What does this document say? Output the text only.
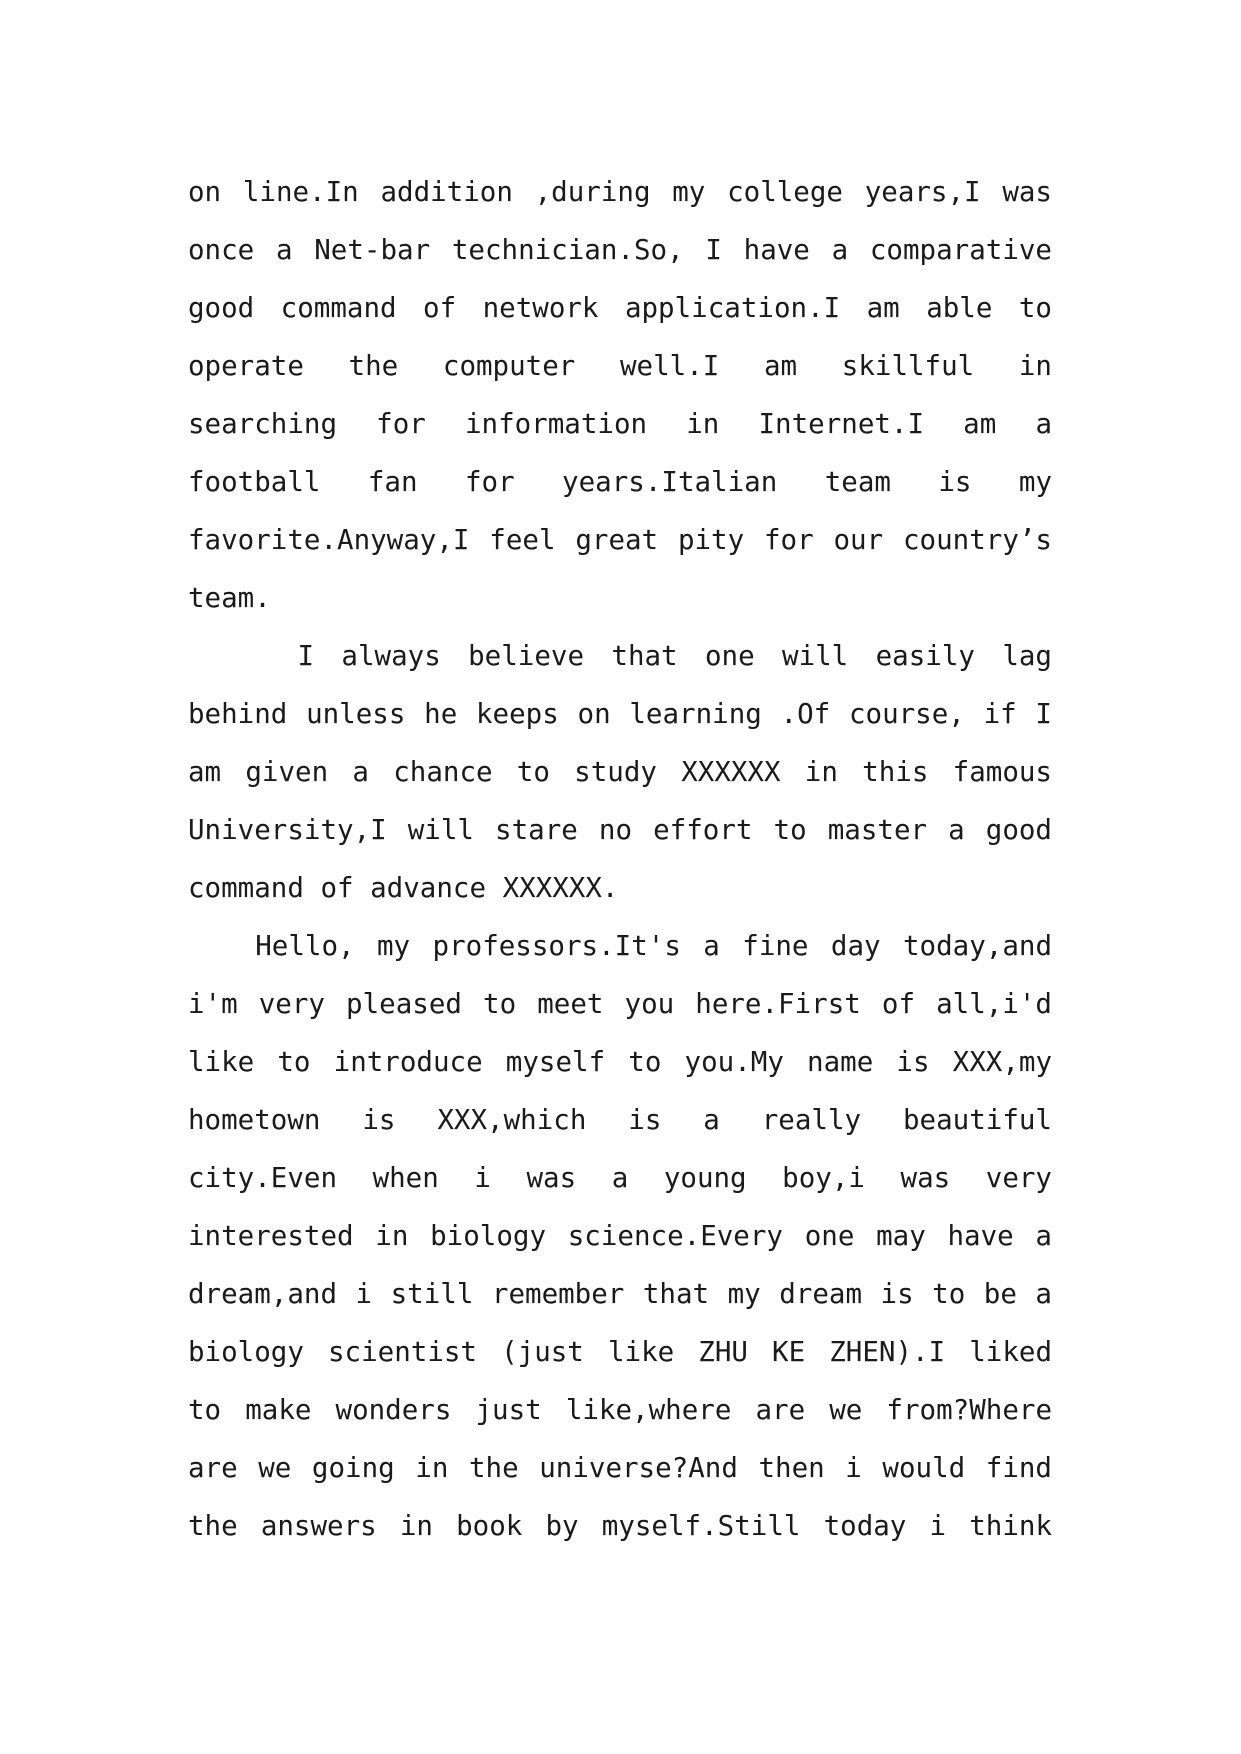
on line.In addition ,during my college years,I was
once a Net-bar technician.So, I have a comparative
good command of network application.I am able to
operate the computer well.I am skillful in
searching for information in Internet.I am a
football fan for years.Italian team is my
favorite.Anyway,I feel great pity for our country’s
team.
I always believe that one will easily lag
behind unless he keeps on learning .Of course, if I
am given a chance to study XXXXXX in this famous
University,I will stare no effort to master a good
command of advance XXXXXX.
Hello, my professors.It's a fine day today,and
i'm very pleased to meet you here.First of all,i'd
like to introduce myself to you.My name is XXX,my
hometown is XXX,which is a really beautiful
city.Even when i was a young boy,i was very
interested in biology science.Every one may have a
dream,and i still remember that my dream is to be a
biology scientist (just like ZHU KE ZHEN).I liked
to make wonders just like,where are we from?Where
are we going in the universe?And then i would find
the answers in book by myself.Still today i think
